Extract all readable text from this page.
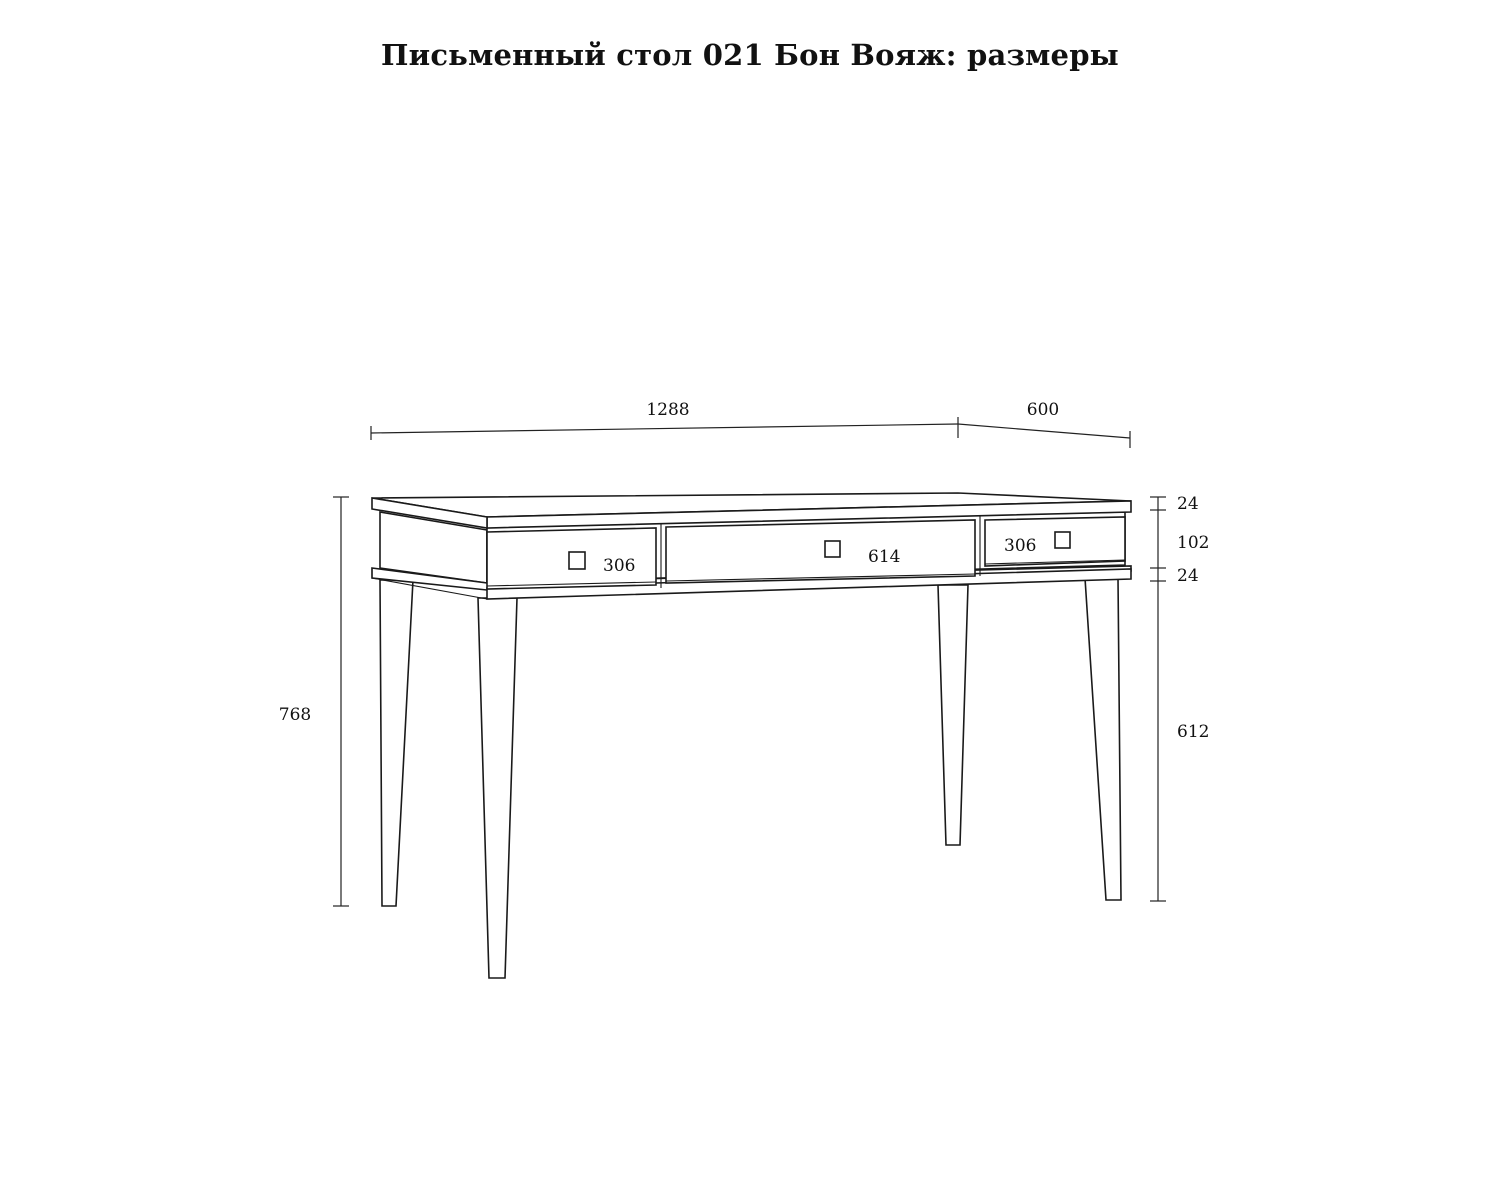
Письменный стол 021 Бон Вояж: размеры
1288	600
768
24
102
24
612
306	614
306
